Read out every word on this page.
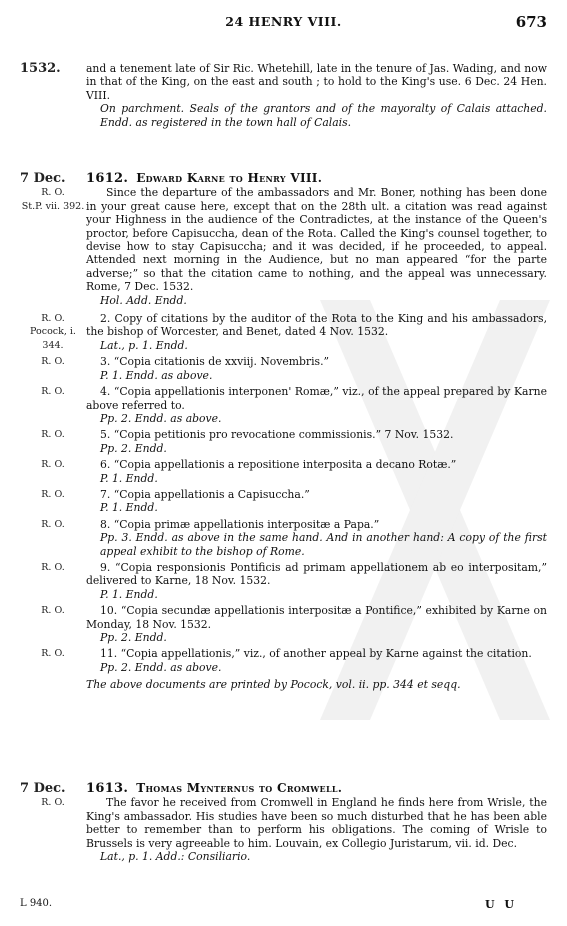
24 HENRY VIII.	673
1532.	and a tenement late of Sir Ric. Whetehill, late in the tenure of Jas. Wading, and now in that of the King, on the east and south ; to hold to the King's use. 6 Dec. 24 Hen. VIII.
On parchment. Seals of the grantors and of the mayoralty of Calais attached. Endd. as registered in the town hall of Calais.
7 Dec.	1612. Edward Karne to Henry VIII.
R. O.
St.P. vii. 392.
Since the departure of the ambassadors and Mr. Boner, nothing has been done in your great cause here, except that on the 28th ult. a citation was read against your Highness in the audience of the Contradictes, at the instance of the Queen's proctor, before Capisuccha, dean of the Rota. Called the King's counsel together, to devise how to stay Capisuccha; and it was decided, if he proceeded, to appeal. Attended next morning in the Audience, but no man appeared “for the parte adverse;” so that the citation came to nothing, and the appeal was unnecessary. Rome, 7 Dec. 1532.
Hol. Add. Endd.
R. O.
Pocock, i. 344.
2. Copy of citations by the auditor of the Rota to the King and his ambassadors, the bishop of Worcester, and Benet, dated 4 Nov. 1532.
Lat., p. 1. Endd.
R. O.	3. “Copia citationis de xxviij. Novembris.”
P. 1. Endd. as above.
R. O.	4. “Copia appellationis interponen' Romæ,” viz., of the appeal prepared by Karne above referred to.
Pp. 2. Endd. as above.
R. O.	5. “Copia petitionis pro revocatione commissionis.” 7 Nov. 1532.
Pp. 2. Endd.
R. O.	6. “Copia appellationis a repositione interposita a decano Rotæ.”
P. 1. Endd.
R. O.	7. “Copia appellationis a Capisuccha.”
P. 1. Endd.
R. O.	8. “Copia primæ appellationis interpositæ a Papa.”
Pp. 3. Endd. as above in the same hand. And in another hand: A copy of the first appeal exhibit to the bishop of Rome.
R. O.	9. “Copia responsionis Pontificis ad primam appellationem ab eo interpositam,” delivered to Karne, 18 Nov. 1532.
P. 1. Endd.
R. O.	10. “Copia secundæ appellationis interpositæ a Pontifice,” exhibited by Karne on Monday, 18 Nov. 1532.
Pp. 2. Endd.
R. O.	11. “Copia appellationis,” viz., of another appeal by Karne against the citation.
Pp. 2. Endd. as above.
The above documents are printed by Pocock, vol. ii. pp. 344 et seqq.
7 Dec.	1613. Thomas Mynternus to Cromwell.
R. O.	The favor he received from Cromwell in England he finds here from Wrisle, the King's ambassador. His studies have been so much disturbed that he has been able better to remember than to perform his obligations. The coming of Wrisle to Brussels is very agreeable to him. Louvain, ex Collegio Juristarum, vii. id. Dec.
Lat., p. 1. Add.: Consiliario.
L 940.	U U
